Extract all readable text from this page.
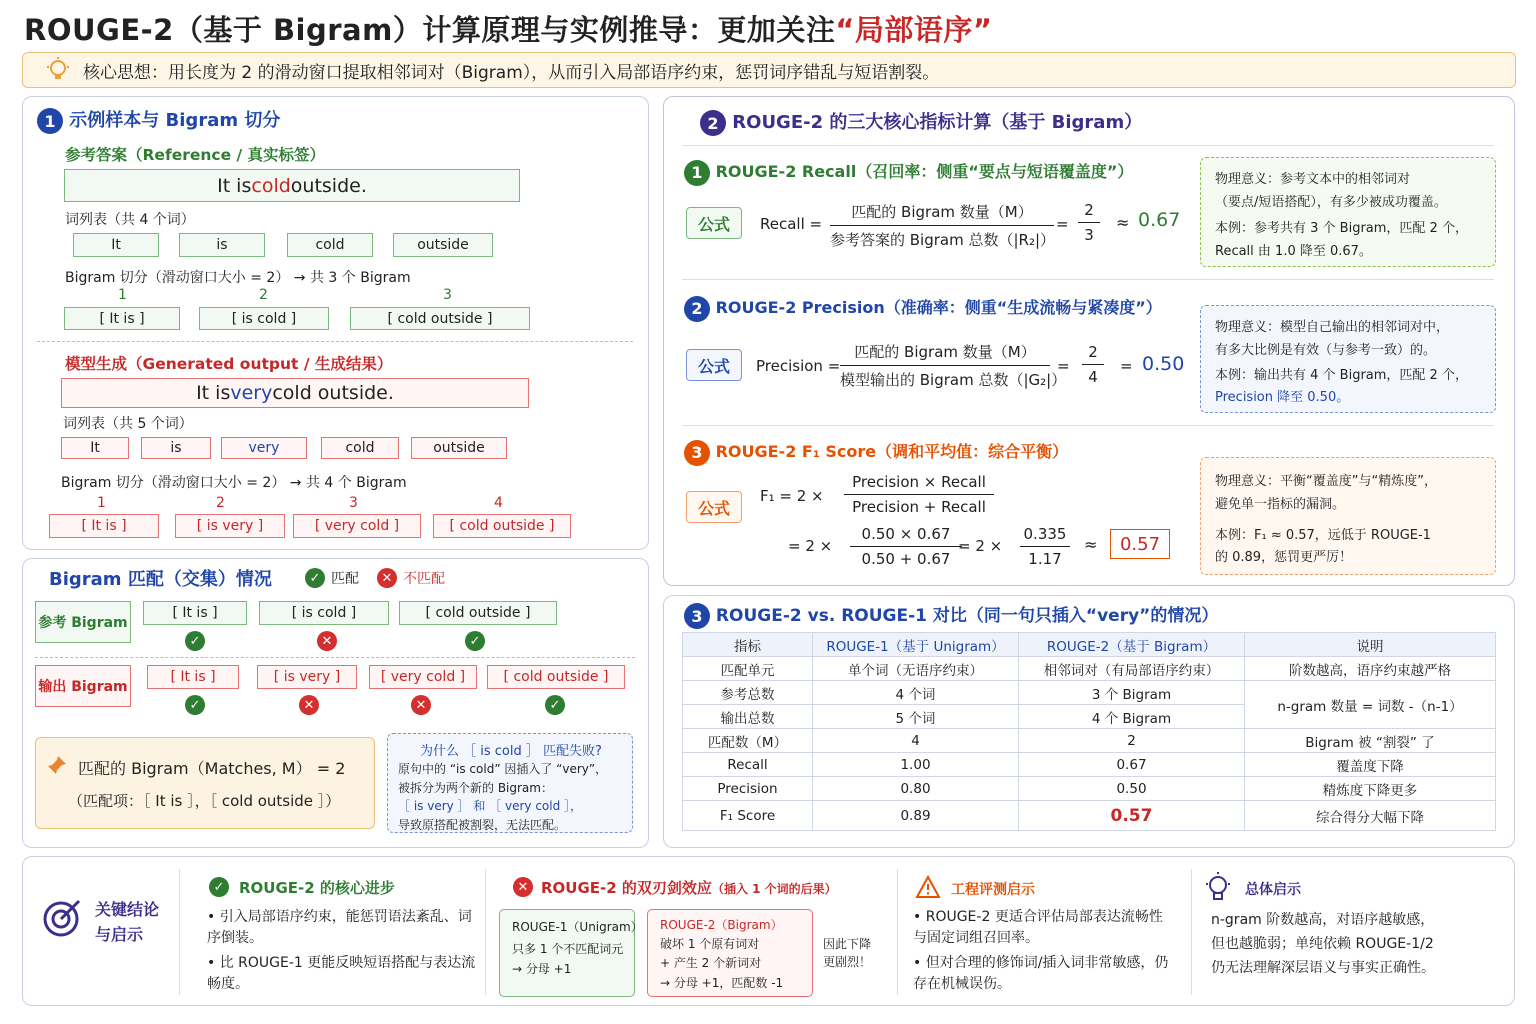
ROUGE-2（基于 Bigram）计算原理与实例推导：更加关注“局部语序”
核心思想：用长度为 2 的滑动窗口提取相邻词对（Bigram），从而引入局部语序约束，惩罚词序错乱与短语割裂。
1 示例样本与 Bigram 切分
参考答案（Reference / 真实标签）
It is cold outside.
词列表（共 4 个词）
It	is	cold	outside
Bigram 切分（滑动窗口大小 = 2） → 共 3 个 Bigram
1	2	3
[ It is ]	[ is cold ]	[ cold outside ]
模型生成（Generated output / 生成结果）
It is very cold outside.
词列表（共 5 个词）
It	is	very	cold	outside
Bigram 切分（滑动窗口大小 = 2） → 共 4 个 Bigram
1	2	3	4
[ It is ]	[ is very ]	[ very cold ]	[ cold outside ]
Bigram 匹配（交集）情况	✓ 匹配	✕ 不匹配
参考 Bigram
[ It is ]	[ is cold ]	[ cold outside ]
✓	✕	✓
输出 Bigram
[ It is ]	[ is very ]	[ very cold ]	[ cold outside ]
✓	✕	✕	✓
匹配的 Bigram（Matches, M） = 2
（匹配项：［ It is ］，［ cold outside ］）
为什么 ［ is cold ］ 匹配失败?
原句中的 “is cold” 因插入了 “very”，
被拆分为两个新的 Bigram：
［ is very ］ 和 ［ very cold ］，
导致原搭配被割裂，无法匹配。
2 ROUGE-2 的三大核心指标计算（基于 Bigram）
1 ROUGE-2 Recall（召回率：侧重“要点与短语覆盖度”）
公式	Recall =
匹配的 Bigram 数量（M）
参考答案的 Bigram 总数（|R₂|）
=
2
3
≈ 0.67
物理意义：参考文本中的相邻词对
（要点/短语搭配），有多少被成功覆盖。
本例：参考共有 3 个 Bigram，匹配 2 个，
Recall 由 1.0 降至 0.67。
2 ROUGE-2 Precision（准确率：侧重“生成流畅与紧凑度”）
公式	Precision =
匹配的 Bigram 数量（M）
模型输出的 Bigram 总数（|G₂|）
=
2
4
= 0.50
物理意义：模型自己输出的相邻词对中，
有多大比例是有效（与参考一致）的。
本例：输出共有 4 个 Bigram，匹配 2 个，
Precision 降至 0.50。
3 ROUGE-2 F₁ Score（调和平均值：综合平衡）
公式
F₁ = 2 ×
Precision × Recall
Precision + Recall
= 2 ×
0.50 × 0.67
0.50 + 0.67
= 2 ×
0.335
1.17
≈	0.57
物理意义：平衡“覆盖度”与“精炼度”，
避免单一指标的漏洞。
本例：F₁ ≈ 0.57，远低于 ROUGE-1
的 0.89，惩罚更严厉！
3 ROUGE-2 vs. ROUGE-1 对比（同一句只插入“very”的情况）
指标	ROUGE-1（基于 Unigram）	ROUGE-2（基于 Bigram）	说明
匹配单元	单个词（无语序约束）	相邻词对（有局部语序约束）	阶数越高，语序约束越严格
参考总数	4 个词	3 个 Bigram	n-gram 数量 = 词数 -（n-1）
输出总数	5 个词	4 个 Bigram	
匹配数（M）	4	2	Bigram 被 “割裂” 了
Recall	1.00	0.67	覆盖度下降
Precision	0.80	0.50	精炼度下降更多
F₁ Score	0.89	0.57	综合得分大幅下降
关键结论与启示
✓ ROUGE-2 的核心进步
• 引入局部语序约束，能惩罚语法紊乱、词序倒装。
• 比 ROUGE-1 更能反映短语搭配与表达流畅度。
✕ ROUGE-2 的双刃剑效应（插入 1 个词的后果）
ROUGE-1（Unigram）
只多 1 个不匹配词元
→ 分母 +1
ROUGE-2（Bigram）
破坏 1 个原有词对
+ 产生 2 个新词对
→ 分母 +1，匹配数 -1
因此下降
更剧烈！
工程评测启示
• ROUGE-2 更适合评估局部表达流畅性与固定词组召回率。
• 但对合理的修饰词/插入词非常敏感，仍存在机械误伤。
总体启示
n-gram 阶数越高，对语序越敏感，
但也越脆弱；单纯依赖 ROUGE-1/2
仍无法理解深层语义与事实正确性。
